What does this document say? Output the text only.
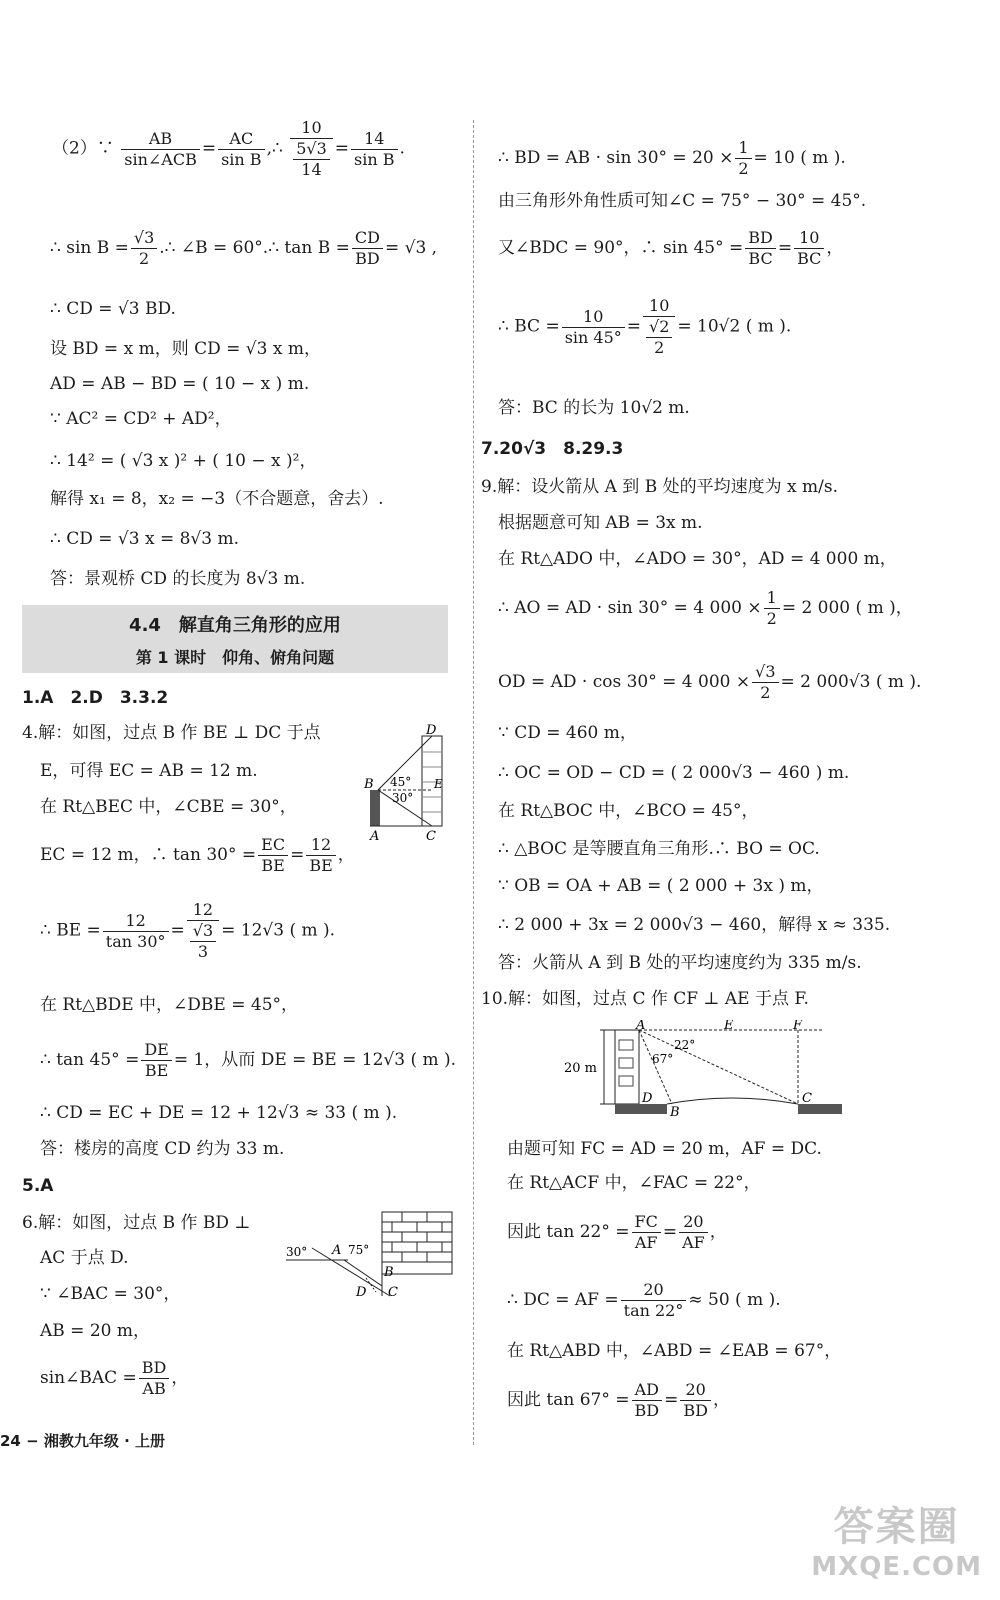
（2）∵ $\frac{AB}{\text{sin∠ACB}} = \frac{AC}{\text{sin B}}$ ,∴ $\frac{10}{\frac{5√3}{14}} = \frac{14}{\text{sin B}}$ .
∴ $\sin B = \frac{√3}{2}$ .∴ ∠B = 60°.∴ $\tan B = \frac{CD}{BD} = √3$ ,
∴ CD = √3 BD.
设 BD = x m，则 CD = √3 x m，
AD = AB − BD = ( 10 − x ) m.
∵ AC² = CD² + AD²，
∴ 14² = ( √3 x )² + ( 10 − x )²，
解得 x₁ = 8，x₂ = −3（不合题意，舍去）.
∴ CD = √3 x = 8√3 m.
答：景观桥 CD 的长度为 8√3 m.
4.4　解直角三角形的应用
第 1 课时　仰角、俯角问题
1.A　2.D　3.3.2
4.解：如图，过点 B 作 BE ⊥ DC 于点
E，可得 EC = AB = 12 m.
在 Rt△BEC 中，∠CBE = 30°，
EC = 12 m，∴ $\tan 30^\circ = \frac{EC}{BE} = \frac{12}{BE}$ ，
∴ BE = $\frac{12}{\tan 30^\circ} = \frac{12}{\frac{√3}{3}} = 12√3$ ( m ).
在 Rt△BDE 中，∠DBE = 45°，
∴ $\tan 45^\circ = \frac{DE}{BE} = 1$，从而 DE = BE = 12√3 ( m ).
∴ CD = EC + DE = 12 + 12√3 ≈ 33 ( m ).
答：楼房的高度 CD 约为 33 m.
5.A
6.解：如图，过点 B 作 BD ⊥
AC 于点 D.
∵ ∠BAC = 30°，
AB = 20 m，
sin∠BAC = $\frac{BD}{AB}$ ，
D
B	E
A	C
45°
30°
30° A 75°
B
D C
∴ BD = AB · $\sin 30^\circ = 20 \times \frac{1}{2} = 10$ ( m ).
由三角形外角性质可知∠C = 75° − 30° = 45°.
又∠BDC = 90°，∴ $\sin 45^\circ = \frac{BD}{BC} = \frac{10}{BC}$ ，
∴ BC = $\frac{10}{\sin 45^\circ} = \frac{10}{\frac{√2}{2}} = 10√2$ ( m ).
答：BC 的长为 10√2 m.
7.20√3　8.29.3
9.解：设火箭从 A 到 B 处的平均速度为 x m/s.
根据题意可知 AB = 3x m.
在 Rt△ADO 中，∠ADO = 30°，AD = 4 000 m，
∴ AO = AD · sin 30° = 4 $000 \times \frac{1}{2} = 2$ 000 ( m )，
OD = AD · cos 30° = 4 $000 \times \frac{√3}{2} = 2$ 000√3 ( m ).
∵ CD = 460 m，
∴ OC = OD − CD = ( 2 000√3 − 460 ) m.
在 Rt△BOC 中，∠BCO = 45°，
∴ △BOC 是等腰直角三角形.∴ BO = OC.
∵ OB = OA + AB = ( 2 000 + 3x ) m，
∴ 2 000 + 3x = 2 000√3 − 460，解得 x ≈ 335.
答：火箭从 A 到 B 处的平均速度约为 335 m/s.
10.解：如图，过点 C 作 CF ⊥ AE 于点 F.
由题可知 FC = AD = 20 m，AF = DC.
在 Rt△ACF 中，∠FAC = 22°，
因此 $\tan 22^\circ = \frac{FC}{AF} = \frac{20}{AF}$ ，
∴ DC = AF = $\frac{20}{\tan 22^\circ} \approx 50$ ( m ).
在 Rt△ABD 中，∠ABD = ∠EAB = 67°，
因此 $\tan 67^\circ = \frac{AD}{BD} = \frac{20}{BD}$ ，
A	E	F
22°
67°
20 m
D
B
C
24 − 湘教九年级 · 上册
答案圈
MXQE.COM
